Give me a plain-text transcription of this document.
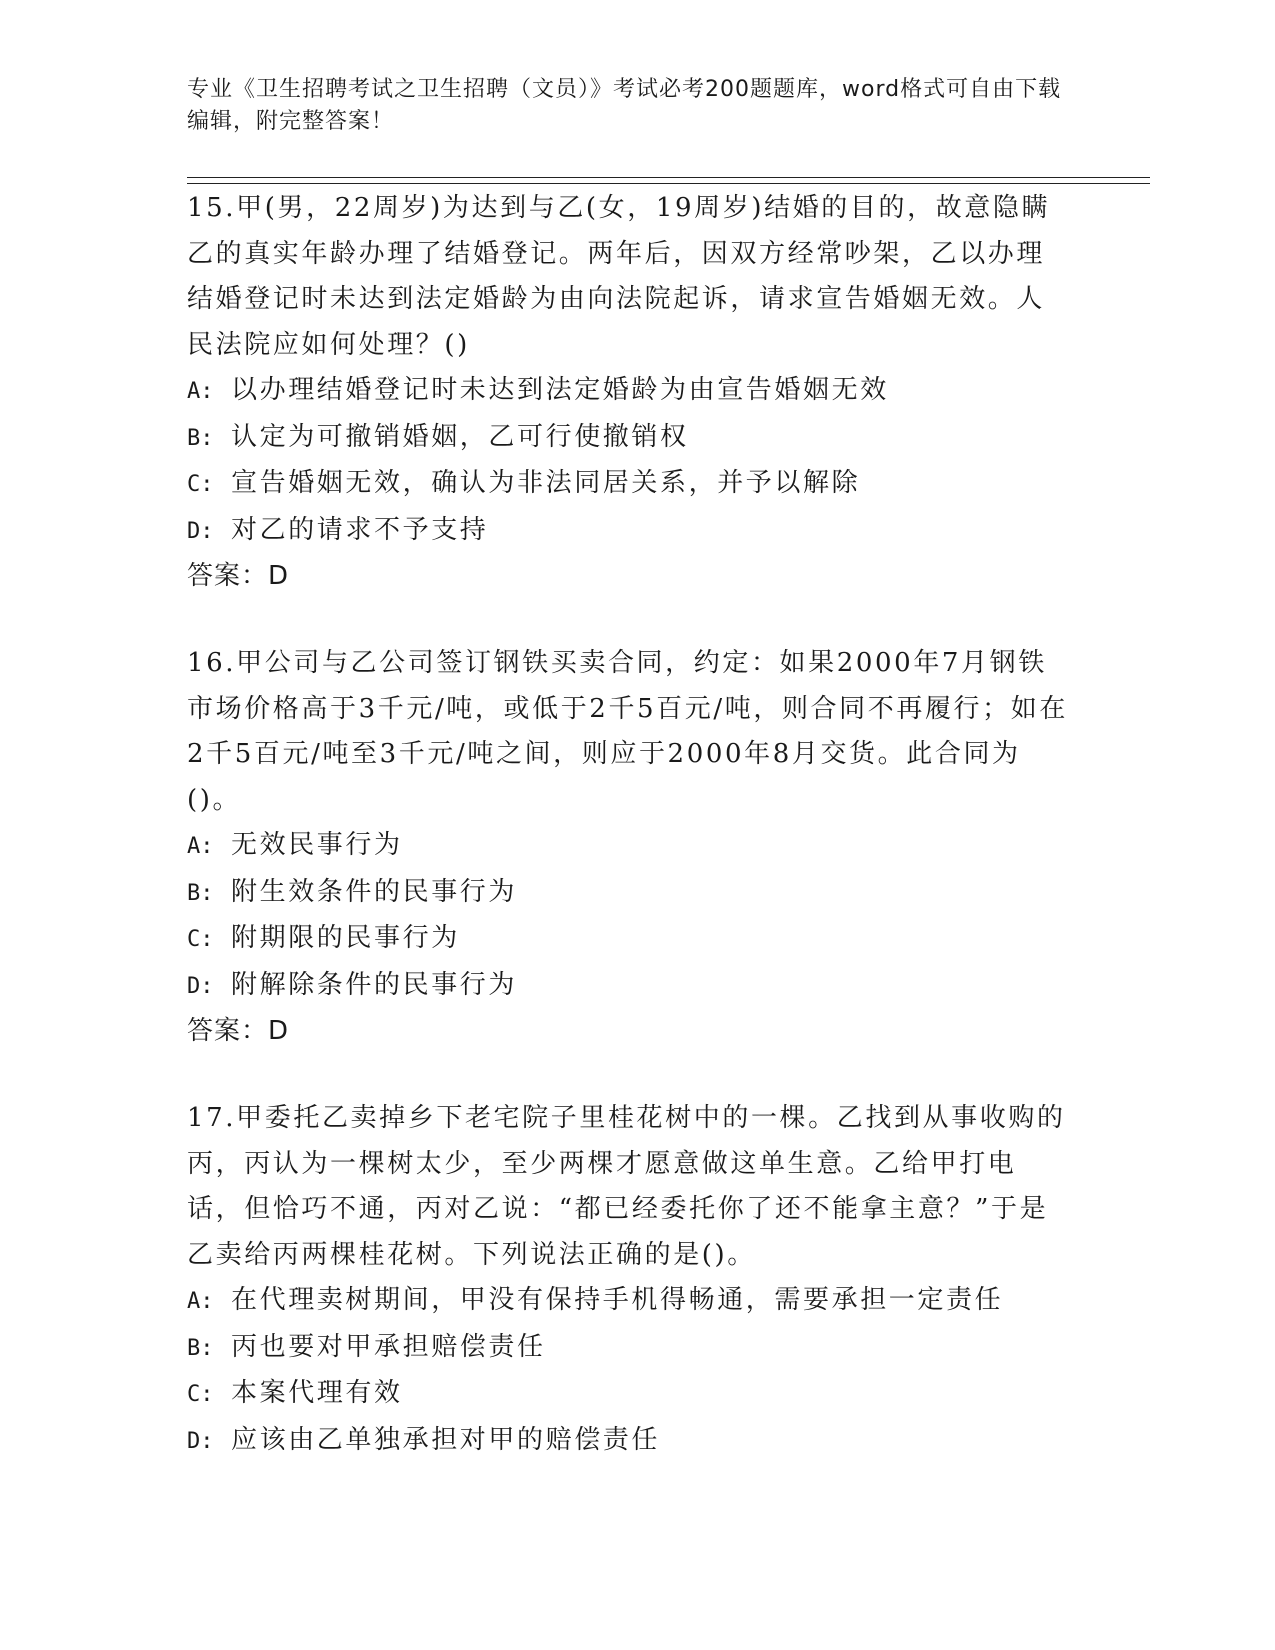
专业《卫生招聘考试之卫生招聘（文员）》考试必考200题题库，word格式可自由下载编辑，附完整答案！

15.甲(男，22周岁)为达到与乙(女，19周岁)结婚的目的，故意隐瞒乙的真实年龄办理了结婚登记。两年后，因双方经常吵架，乙以办理结婚登记时未达到法定婚龄为由向法院起诉，请求宣告婚姻无效。人民法院应如何处理？()

A: 以办理结婚登记时未达到法定婚龄为由宣告婚姻无效

B: 认定为可撤销婚姻，乙可行使撤销权

C: 宣告婚姻无效，确认为非法同居关系，并予以解除

D: 对乙的请求不予支持

答案：D

16.甲公司与乙公司签订钢铁买卖合同，约定：如果2000年7月钢铁市场价格高于3千元/吨，或低于2千5百元/吨，则合同不再履行；如在2千5百元/吨至3千元/吨之间，则应于2000年8月交货。此合同为()。

A: 无效民事行为

B: 附生效条件的民事行为

C: 附期限的民事行为

D: 附解除条件的民事行为

答案：D

17.甲委托乙卖掉乡下老宅院子里桂花树中的一棵。乙找到从事收购的丙，丙认为一棵树太少，至少两棵才愿意做这单生意。乙给甲打电话，但恰巧不通，丙对乙说：“都已经委托你了还不能拿主意？”于是乙卖给丙两棵桂花树。下列说法正确的是()。

A: 在代理卖树期间，甲没有保持手机得畅通，需要承担一定责任

B: 丙也要对甲承担赔偿责任

C: 本案代理有效

D: 应该由乙单独承担对甲的赔偿责任
